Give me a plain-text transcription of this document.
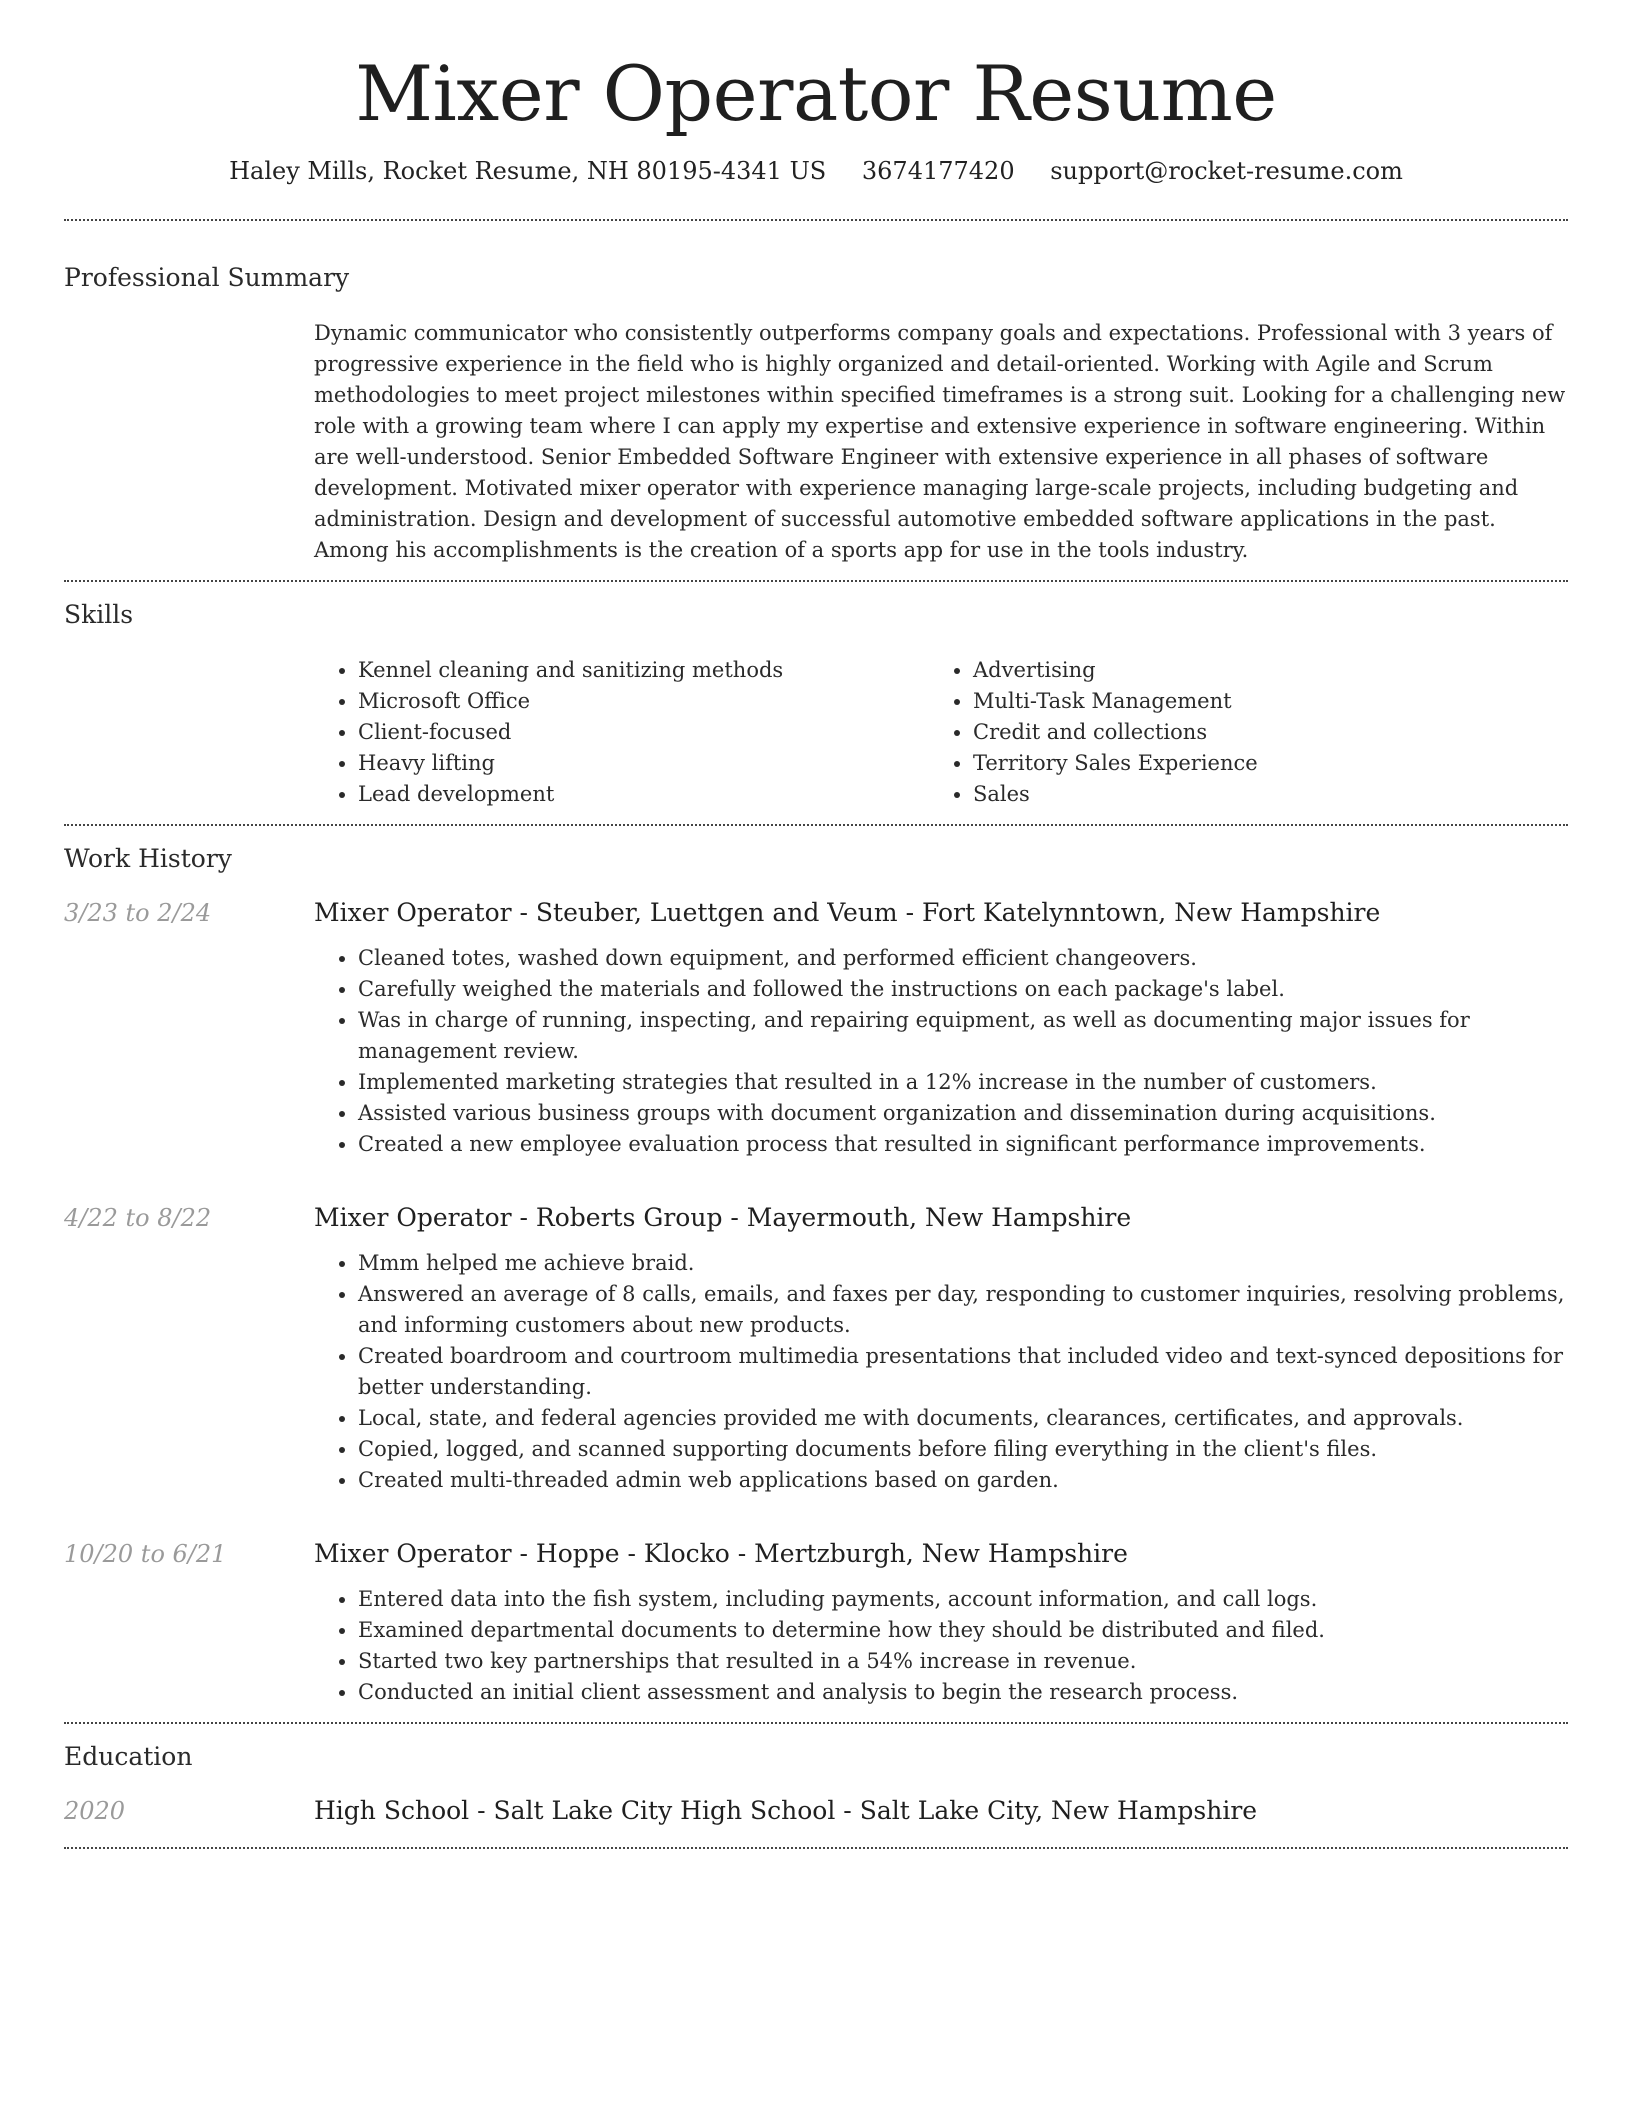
Mixer Operator Resume
Haley Mills, Rocket Resume, NH 80195-4341 US 3674177420 support@rocket-resume.com
Professional Summary

Dynamic communicator who consistently outperforms company goals and expectations. Professional with 3 years of progressive experience in the field who is highly organized and detail-oriented. Working with Agile and Scrum methodologies to meet project milestones within specified timeframes is a strong suit. Looking for a challenging new role with a growing team where I can apply my expertise and extensive experience in software engineering. Within are well-understood. Senior Embedded Software Engineer with extensive experience in all phases of software development. Motivated mixer operator with experience managing large-scale projects, including budgeting and administration. Design and development of successful automotive embedded software applications in the past. Among his accomplishments is the creation of a sports app for use in the tools industry.

Skills
• Kennel cleaning and sanitizing methods
• Microsoft Office
• Client-focused
• Heavy lifting
• Lead development
• Advertising
• Multi-Task Management
• Credit and collections
• Territory Sales Experience
• Sales
Work History
3/23 to 2/24	Mixer Operator - Steuber, Luettgen and Veum - Fort Katelynntown, New Hampshire
• Cleaned totes, washed down equipment, and performed efficient changeovers.
• Carefully weighed the materials and followed the instructions on each package's label.
• Was in charge of running, inspecting, and repairing equipment, as well as documenting major issues for management review.
• Implemented marketing strategies that resulted in a 12% increase in the number of customers.
• Assisted various business groups with document organization and dissemination during acquisitions.
• Created a new employee evaluation process that resulted in significant performance improvements.
4/22 to 8/22	Mixer Operator - Roberts Group - Mayermouth, New Hampshire
• Mmm helped me achieve braid.
• Answered an average of 8 calls, emails, and faxes per day, responding to customer inquiries, resolving problems, and informing customers about new products.
• Created boardroom and courtroom multimedia presentations that included video and text-synced depositions for better understanding.
• Local, state, and federal agencies provided me with documents, clearances, certificates, and approvals.
• Copied, logged, and scanned supporting documents before filing everything in the client's files.
• Created multi-threaded admin web applications based on garden.
10/20 to 6/21	Mixer Operator - Hoppe - Klocko - Mertzburgh, New Hampshire
• Entered data into the fish system, including payments, account information, and call logs.
• Examined departmental documents to determine how they should be distributed and filed.
• Started two key partnerships that resulted in a 54% increase in revenue.
• Conducted an initial client assessment and analysis to begin the research process.
Education
2020	High School - Salt Lake City High School - Salt Lake City, New Hampshire
